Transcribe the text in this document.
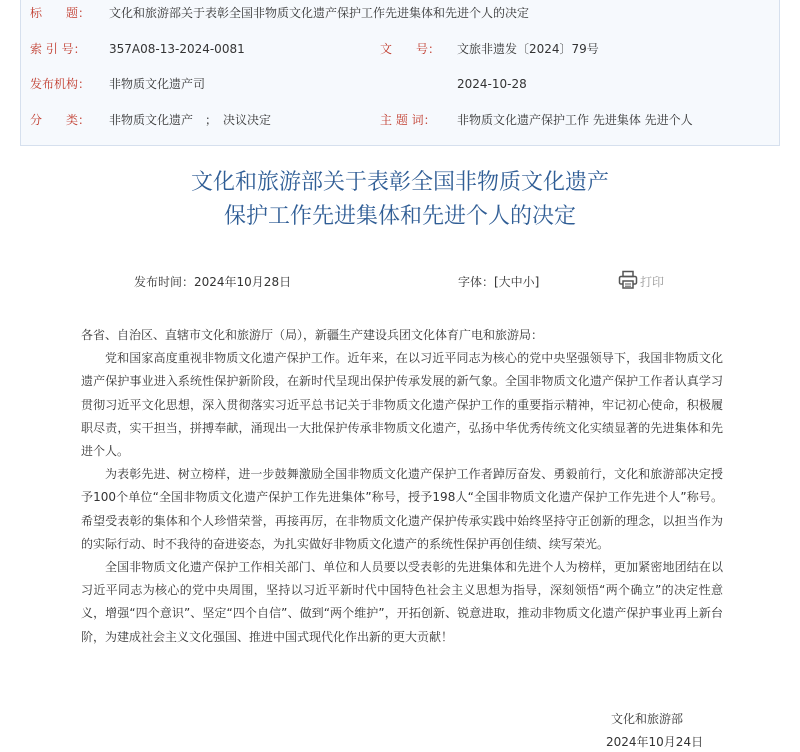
标　　题： 文化和旅游部关于表彰全国非物质文化遗产保护工作先进集体和先进个人的决定
索 引 号： 357A08-13-2024-0081	文　　号： 文旅非遗发〔2024〕79号
发布机构： 非物质文化遗产司	2024-10-28
分　　类： 非物质文化遗产　；　决议决定	主 题 词： 非物质文化遗产保护工作 先进集体 先进个人
文化和旅游部关于表彰全国非物质文化遗产
保护工作先进集体和先进个人的决定
发布时间：2024年10月28日	字体：[大中小]	打印

各省、自治区、直辖市文化和旅游厅（局），新疆生产建设兵团文化体育广电和旅游局：

党和国家高度重视非物质文化遗产保护工作。近年来，在以习近平同志为核心的党中央坚强领导下，我国非物质文化遗产保护事业进入系统性保护新阶段，在新时代呈现出保护传承发展的新气象。全国非物质文化遗产保护工作者认真学习贯彻习近平文化思想，深入贯彻落实习近平总书记关于非物质文化遗产保护工作的重要指示精神，牢记初心使命，积极履职尽责，实干担当，拼搏奉献，涌现出一大批保护传承非物质文化遗产，弘扬中华优秀传统文化实绩显著的先进集体和先进个人。

为表彰先进、树立榜样，进一步鼓舞激励全国非物质文化遗产保护工作者踔厉奋发、勇毅前行，文化和旅游部决定授予100个单位“全国非物质文化遗产保护工作先进集体”称号，授予198人“全国非物质文化遗产保护工作先进个人”称号。希望受表彰的集体和个人珍惜荣誉，再接再厉，在非物质文化遗产保护传承实践中始终坚持守正创新的理念，以担当作为的实际行动、时不我待的奋进姿态，为扎实做好非物质文化遗产的系统性保护再创佳绩、续写荣光。

全国非物质文化遗产保护工作相关部门、单位和人员要以受表彰的先进集体和先进个人为榜样，更加紧密地团结在以习近平同志为核心的党中央周围，坚持以习近平新时代中国特色社会主义思想为指导，深刻领悟“两个确立”的决定性意义，增强“四个意识”、坚定“四个自信”、做到“两个维护”，开拓创新、锐意进取，推动非物质文化遗产保护事业再上新台阶，为建成社会主义文化强国、推进中国式现代化作出新的更大贡献！

文化和旅游部
2024年10月24日
